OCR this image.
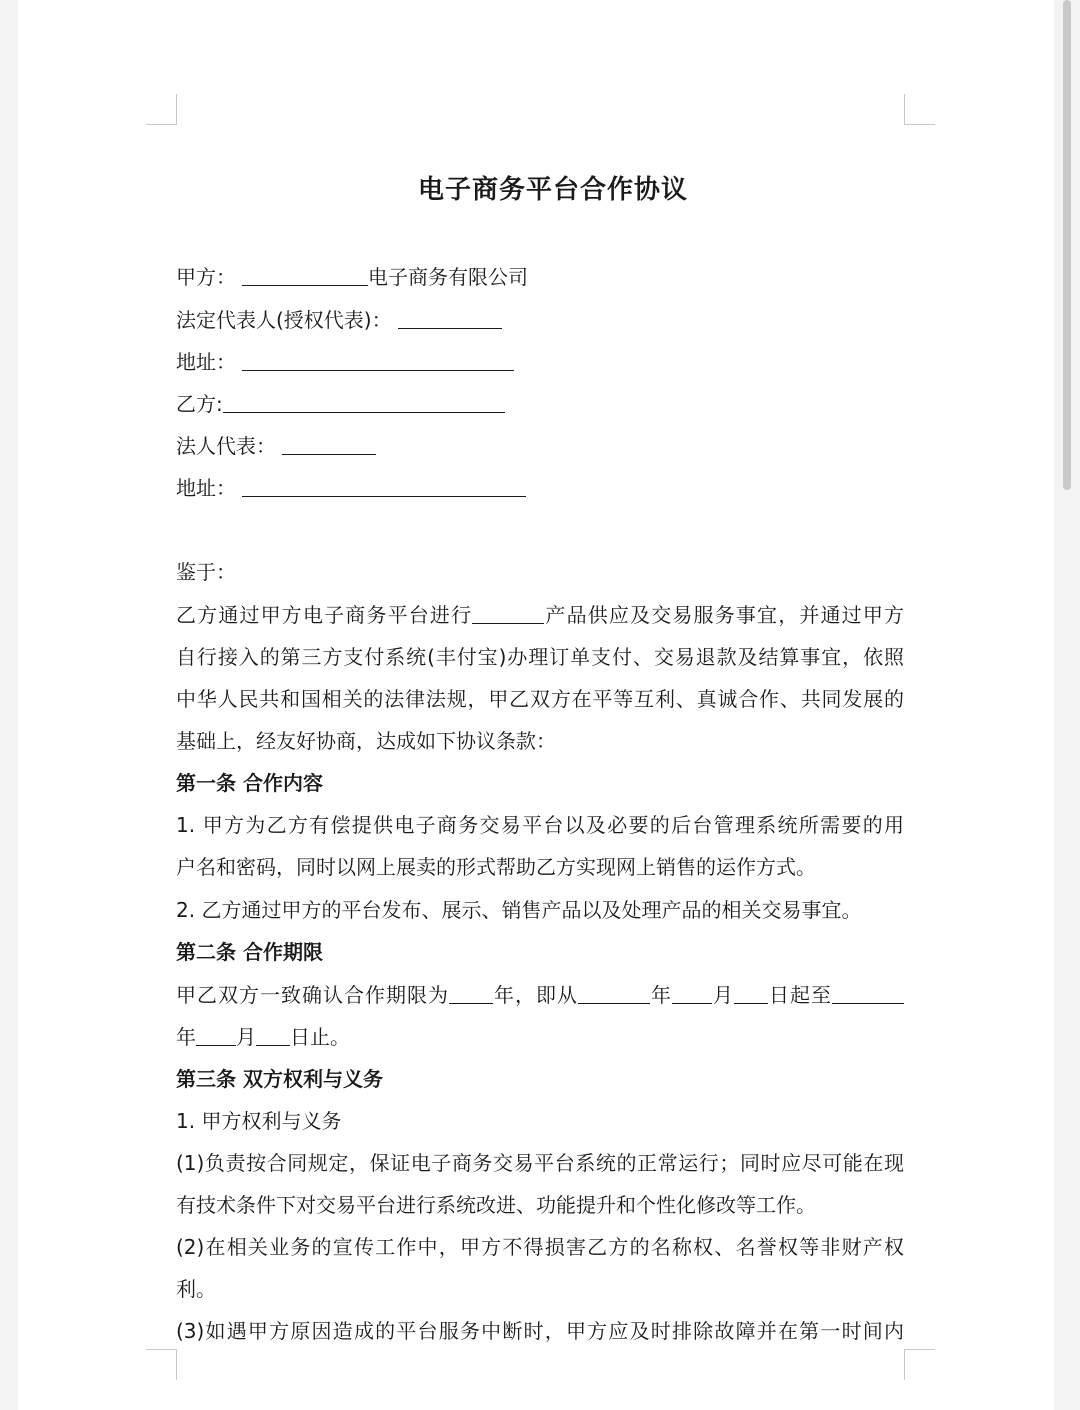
电子商务平台合作协议
甲方：	电子商务有限公司
法定代表人(授权代表)：
地址：
乙方:
法人代表：
地址：
鉴于：
乙方通过甲方电子商务平台进行	产品供应及交易服务事宜，并通过甲方
自行接入的第三方支付系统(丰付宝)办理订单支付、交易退款及结算事宜，依照
中华人民共和国相关的法律法规，甲乙双方在平等互利、真诚合作、共同发展的
基础上，经友好协商，达成如下协议条款：
第一条 合作内容
1. 甲方为乙方有偿提供电子商务交易平台以及必要的后台管理系统所需要的用
户名和密码，同时以网上展卖的形式帮助乙方实现网上销售的运作方式。
2. 乙方通过甲方的平台发布、展示、销售产品以及处理产品的相关交易事宜。
第二条 合作期限
甲乙双方一致确认合作期限为 年，即从	年 月 日起至
年 月 日止。
第三条 双方权利与义务
1. 甲方权利与义务
(1)负责按合同规定，保证电子商务交易平台系统的正常运行；同时应尽可能在现
有技术条件下对交易平台进行系统改进、功能提升和个性化修改等工作。
(2)在相关业务的宣传工作中，甲方不得损害乙方的名称权、名誉权等非财产权
利。
(3)如遇甲方原因造成的平台服务中断时，甲方应及时排除故障并在第一时间内
